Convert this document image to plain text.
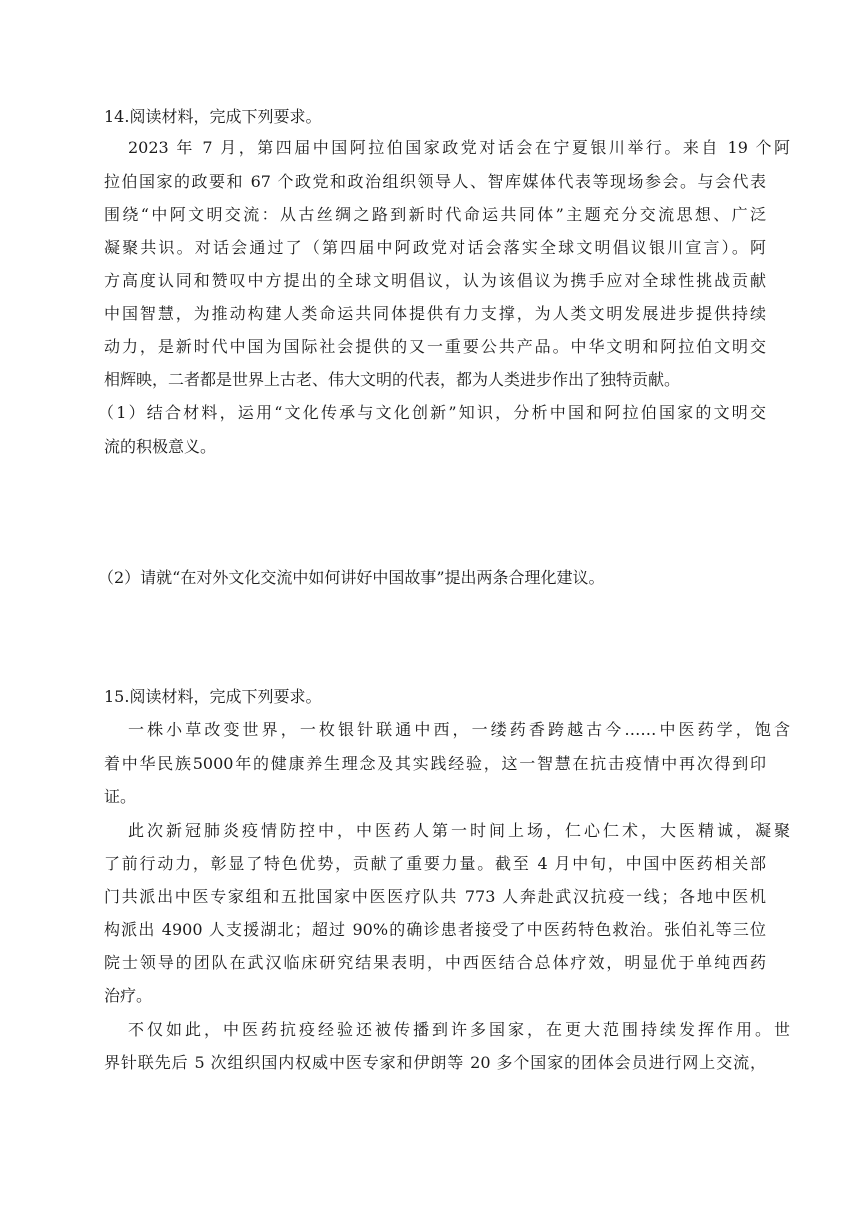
14.阅读材料，完成下列要求。
2023 年 7 月，第四届中国阿拉伯国家政党对话会在宁夏银川举行。来自 19 个阿
拉伯国家的政要和 67 个政党和政治组织领导人、智库媒体代表等现场参会。与会代表
围绕“中阿文明交流：从古丝绸之路到新时代命运共同体”主题充分交流思想、广泛
凝聚共识。对话会通过了（第四届中阿政党对话会落实全球文明倡议银川宣言）。阿
方高度认同和赞叹中方提出的全球文明倡议，认为该倡议为携手应对全球性挑战贡献
中国智慧，为推动构建人类命运共同体提供有力支撑，为人类文明发展进步提供持续
动力，是新时代中国为国际社会提供的又一重要公共产品。中华文明和阿拉伯文明交
相辉映，二者都是世界上古老、伟大文明的代表，都为人类进步作出了独特贡献。
（1）结合材料，运用“文化传承与文化创新”知识，分析中国和阿拉伯国家的文明交
流的积极意义。
（2）请就“在对外文化交流中如何讲好中国故事”提出两条合理化建议。
15.阅读材料，完成下列要求。
一株小草改变世界，一枚银针联通中西，一缕药香跨越古今……中医药学，饱含
着中华民族5000年的健康养生理念及其实践经验，这一智慧在抗击疫情中再次得到印
证。
此次新冠肺炎疫情防控中，中医药人第一时间上场，仁心仁术，大医精诚，凝聚
了前行动力，彰显了特色优势，贡献了重要力量。截至 4 月中旬，中国中医药相关部
门共派出中医专家组和五批国家中医医疗队共 773 人奔赴武汉抗疫一线；各地中医机
构派出 4900 人支援湖北；超过 90%的确诊患者接受了中医药特色救治。张伯礼等三位
院士领导的团队在武汉临床研究结果表明，中西医结合总体疗效，明显优于单纯西药
治疗。
不仅如此，中医药抗疫经验还被传播到许多国家，在更大范围持续发挥作用。世
界针联先后 5 次组织国内权威中医专家和伊朗等 20 多个国家的团体会员进行网上交流，
